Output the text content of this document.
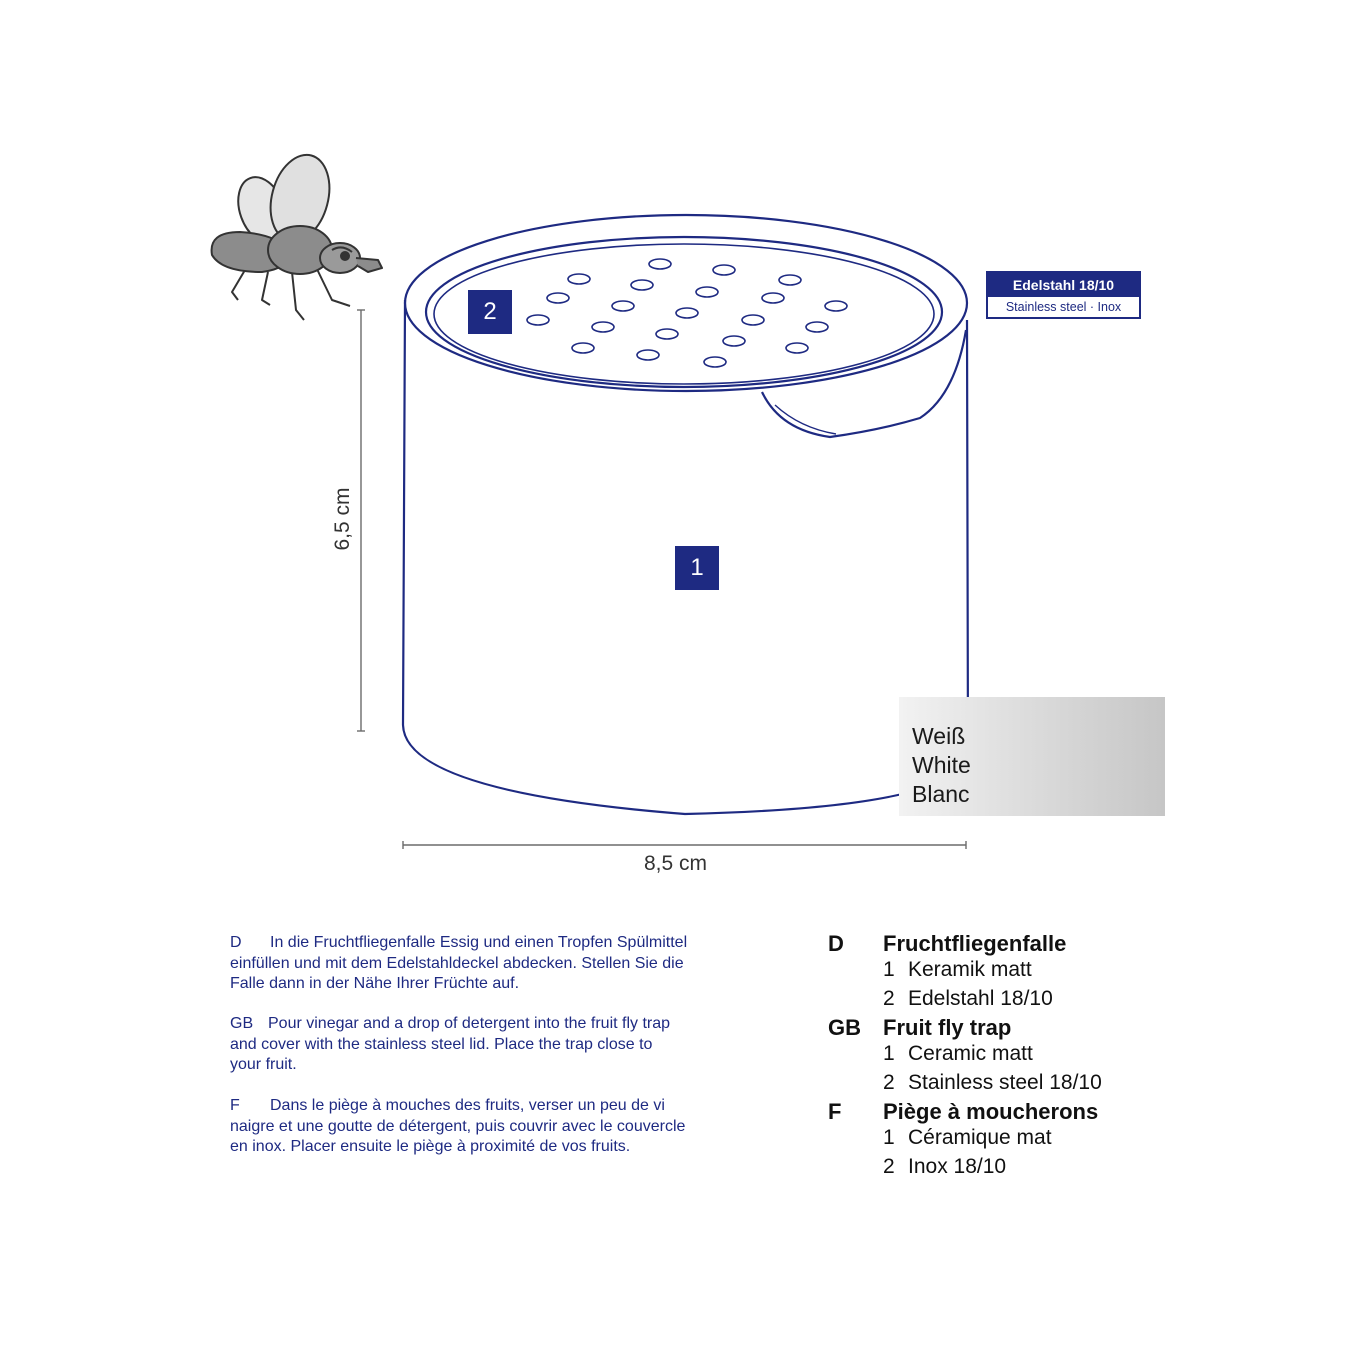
2
1
Edelstahl 18/10
Stainless steel · Inox
Weiß
White
Blanc
8,5 cm
6,5 cm

D In die Fruchtfliegenfalle Essig und einen Tropfen Spülmittel
einfüllen und mit dem Edelstahldeckel abdecken. Stellen Sie die
Falle dann in der Nähe Ihrer Früchte auf.

GB Pour vinegar and a drop of detergent into the fruit fly trap
and cover with the stainless steel lid. Place the trap close to
your fruit.

F Dans le piège à mouches des fruits, verser un peu de vi
naigre et une goutte de détergent, puis couvrir avec le couvercle
en inox. Placer ensuite le piège à proximité de vos fruits.

D Fruchtfliegenfalle
1 Keramik matt
2 Edelstahl 18/10
GB Fruit fly trap
1 Ceramic matt
2 Stainless steel 18/10
F Piège à moucherons
1 Céramique mat
2 Inox 18/10
